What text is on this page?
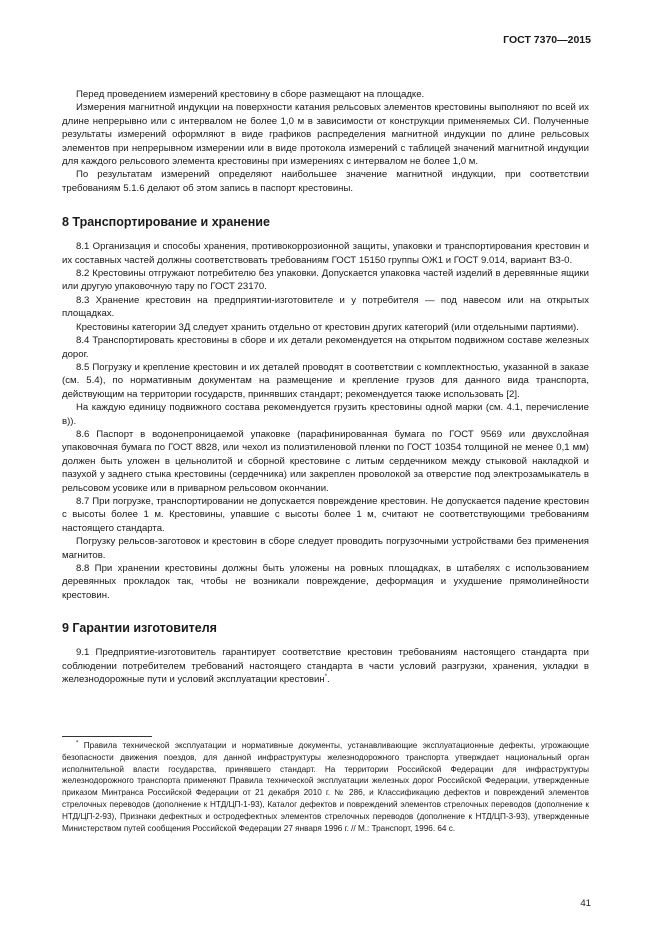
ГОСТ 7370—2015

Перед проведением измерений крестовину в сборе размещают на площадке.

Измерения магнитной индукции на поверхности катания рельсовых элементов крестовины выполняют по всей их длине непрерывно или с интервалом не более 1,0 м в зависимости от конструкции применяемых СИ. Полученные результаты измерений оформляют в виде графиков распределения магнитной индукции по длине рельсовых элементов при непрерывном измерении или в виде протокола измерений с таблицей значений магнитной индукции для каждого рельсового элемента крестовины при измерениях с интервалом не более 1,0 м.

По результатам измерений определяют наибольшее значение магнитной индукции, при соответствии требованиям 5.1.6 делают об этом запись в паспорт крестовины.

8 Транспортирование и хранение

8.1 Организация и способы хранения, противокоррозионной защиты, упаковки и транспортирования крестовин и их составных частей должны соответствовать требованиям ГОСТ 15150 группы ОЖ1 и ГОСТ 9.014, вариант ВЗ-0.

8.2 Крестовины отгружают потребителю без упаковки. Допускается упаковка частей изделий в деревянные ящики или другую упаковочную тару по ГОСТ 23170.

8.3 Хранение крестовин на предприятии-изготовителе и у потребителя — под навесом или на открытых площадках.

Крестовины категории 3Д следует хранить отдельно от крестовин других категорий (или отдельными партиями).

8.4 Транспортировать крестовины в сборе и их детали рекомендуется на открытом подвижном составе железных дорог.

8.5 Погрузку и крепление крестовин и их деталей проводят в соответствии с комплектностью, указанной в заказе (см. 5.4), по нормативным документам на размещение и крепление грузов для данного вида транспорта, действующим на территории государств, принявших стандарт; рекомендуется также использовать [2].

На каждую единицу подвижного состава рекомендуется грузить крестовины одной марки (см. 4.1, перечисление в)).

8.6 Паспорт в водонепроницаемой упаковке (парафинированная бумага по ГОСТ 9569 или двухслойная упаковочная бумага по ГОСТ 8828, или чехол из полиэтиленовой пленки по ГОСТ 10354 толщиной не менее 0,1 мм) должен быть уложен в цельнолитой и сборной крестовине с литым сердечником между стыковой накладкой и пазухой у заднего стыка крестовины (сердечника) или закреплен проволокой за отверстие под электрозамыкатель в рельсовом усовике или в приварном рельсовом окончании.

8.7 При погрузке, транспортировании не допускается повреждение крестовин. Не допускается падение крестовин с высоты более 1 м. Крестовины, упавшие с высоты более 1 м, считают не соответствующими требованиям настоящего стандарта.

Погрузку рельсов-заготовок и крестовин в сборе следует проводить погрузочными устройствами без применения магнитов.

8.8 При хранении крестовины должны быть уложены на ровных площадках, в штабелях с использованием деревянных прокладок так, чтобы не возникали повреждение, деформация и ухудшение прямолинейности крестовин.

9 Гарантии изготовителя

9.1 Предприятие-изготовитель гарантирует соответствие крестовин требованиям настоящего стандарта при соблюдении потребителем требований настоящего стандарта в части условий разгрузки, хранения, укладки в железнодорожные пути и условий эксплуатации крестовин*.

* Правила технической эксплуатации и нормативные документы, устанавливающие эксплуатационные дефекты, угрожающие безопасности движения поездов, для данной инфраструктуры железнодорожного транспорта утверждает национальный орган исполнительной власти государства, принявшего стандарт. На территории Российской Федерации для инфраструктуры железнодорожного транспорта применяют Правила технической эксплуатации железных дорог Российской Федерации, утвержденные приказом Минтранса Российской Федерации от 21 декабря 2010 г. № 286, и Классификацию дефектов и повреждений элементов стрелочных переводов (дополнение к НТД/ЦП-1-93), Каталог дефектов и повреждений элементов стрелочных переводов (дополнение к НТД/ЦП-2-93), Признаки дефектных и остродефектных элементов стрелочных переводов (дополнение к НТД/ЦП-3-93), утвержденные Министерством путей сообщения Российской Федерации 27 января 1996 г. // М.: Транспорт, 1996. 64 с.

41
